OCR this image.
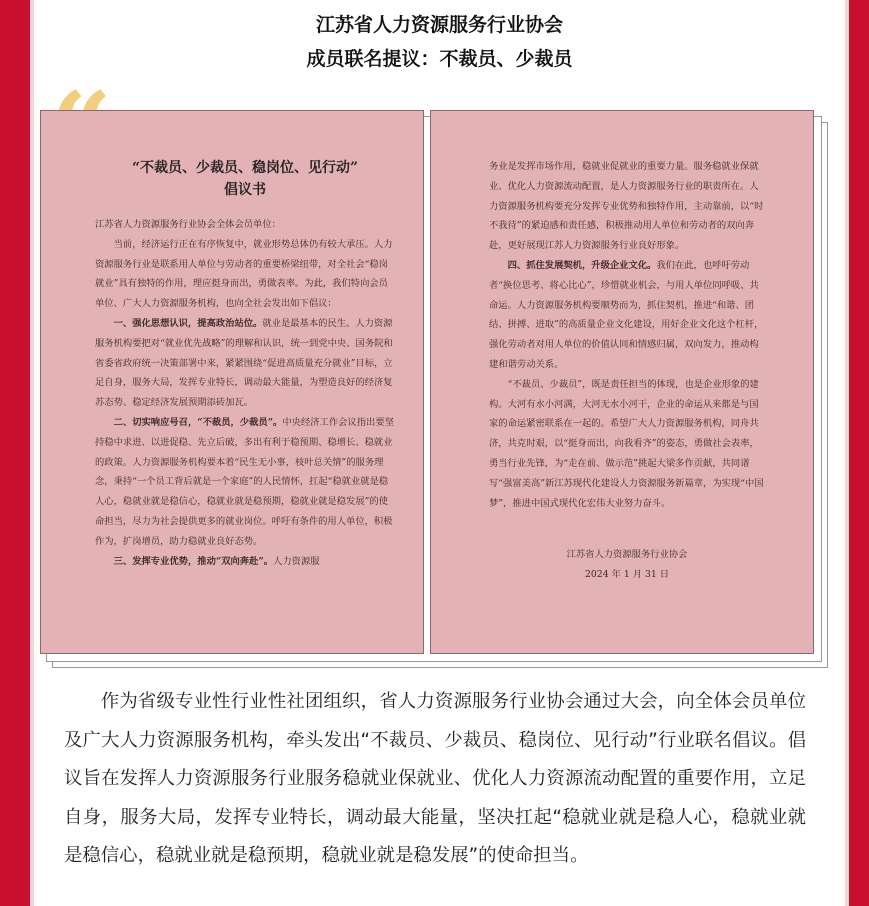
江苏省人力资源服务行业协会
成员联名提议：不裁员、少裁员
“不裁员、少裁员、稳岗位、见行动”
倡议书

江苏省人力资源服务行业协会全体会员单位：

当前，经济运行正在有序恢复中，就业形势总体仍有较大承压。人力资源服务行业是联系用人单位与劳动者的重要桥梁纽带，对全社会“稳岗就业”具有独特的作用，理应挺身而出，勇做表率。为此，我们特向会员单位、广大人力资源服务机构，也向全社会发出如下倡议：

一、强化思想认识，提高政治站位。就业是最基本的民生。人力资源服务机构要把对“就业优先战略”的理解和认识，统一到党中央、国务院和省委省政府统一决策部署中来，紧紧围绕“促进高质量充分就业”目标，立足自身，服务大局，发挥专业特长，调动最大能量，为塑造良好的经济复苏态势、稳定经济发展预期添砖加瓦。

二、切实响应号召，“不裁员，少裁员”。中央经济工作会议指出要坚持稳中求进、以进促稳、先立后破，多出有利于稳预期、稳增长、稳就业的政策。人力资源服务机构要本着“民生无小事，枝叶总关情”的服务理念，秉持“一个员工背后就是一个家庭”的人民情怀，扛起“稳就业就是稳人心，稳就业就是稳信心，稳就业就是稳预期，稳就业就是稳发展”的使命担当，尽力为社会提供更多的就业岗位。呼吁有条件的用人单位，积极作为，扩岗增员，助力稳就业良好态势。

三、发挥专业优势，推动“双向奔赴”。人力资源服

务业是发挥市场作用，稳就业促就业的重要力量。服务稳就业保就业、优化人力资源流动配置，是人力资源服务行业的职责所在。人力资源服务机构要充分发挥专业优势和独特作用，主动靠前，以“时不我待”的紧迫感和责任感，积极推动用人单位和劳动者的双向奔赴，更好展现江苏人力资源服务行业良好形象。

四、抓住发展契机，升级企业文化。我们在此，也呼吁劳动者“换位思考、将心比心”，珍惜就业机会，与用人单位同呼吸、共命运。人力资源服务机构要顺势而为，抓住契机，推进“和谐、团结、拼搏、进取”的高质量企业文化建设，用好企业文化这个杠杆，强化劳动者对用人单位的价值认同和情感归属，双向发力，推动构建和谐劳动关系。

“不裁员、少裁员”，既是责任担当的体现，也是企业形象的建构。大河有水小河满，大河无水小河干，企业的命运从来都是与国家的命运紧密联系在一起的。希望广大人力资源服务机构，同舟共济，共克时艰，以“挺身而出，向我看齐”的姿态，勇做社会表率，勇当行业先锋，为“走在前、做示范”挑起大梁多作贡献，共同谱写“强富美高”新江苏现代化建设人力资源服务新篇章，为实现“中国梦”，推进中国式现代化宏伟大业努力奋斗。

江苏省人力资源服务行业协会
2024 年 1 月 31 日

作为省级专业性行业性社团组织，省人力资源服务行业协会通过大会，向全体会员单位及广大人力资源服务机构，牵头发出“不裁员、少裁员、稳岗位、见行动”行业联名倡议。倡议旨在发挥人力资源服务行业服务稳就业保就业、优化人力资源流动配置的重要作用，立足自身，服务大局，发挥专业特长，调动最大能量，坚决扛起“稳就业就是稳人心，稳就业就是稳信心，稳就业就是稳预期，稳就业就是稳发展”的使命担当。
